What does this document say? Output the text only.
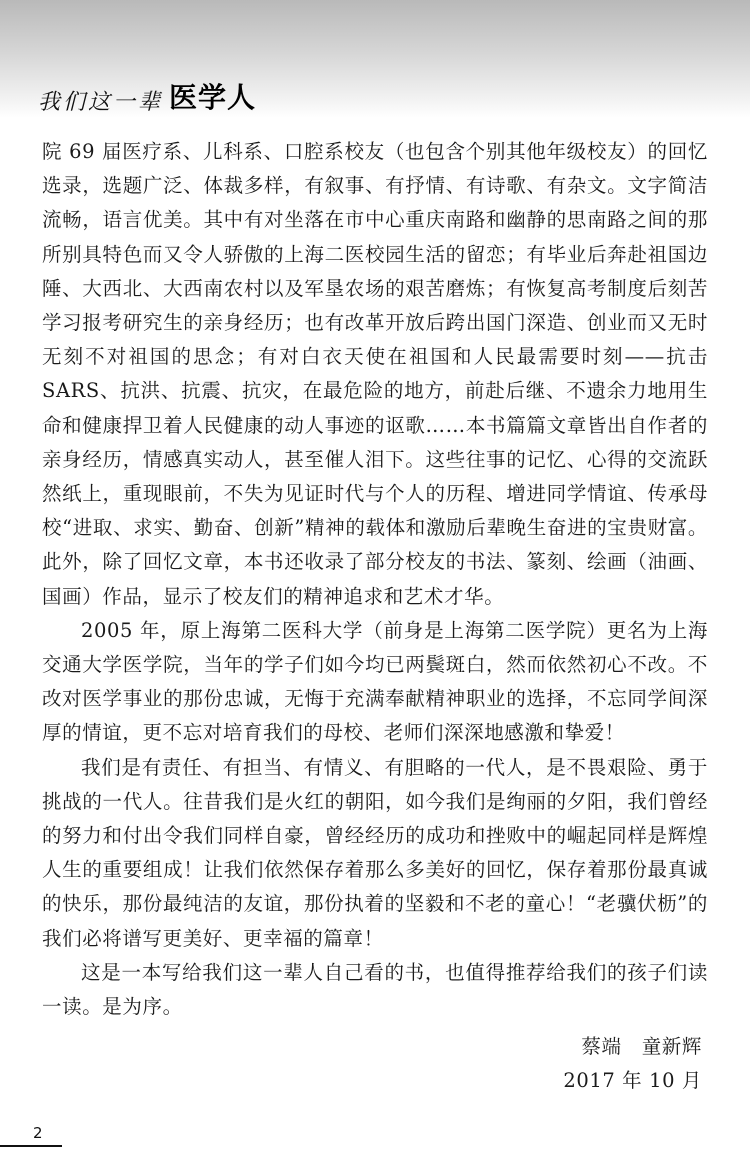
我们这一辈 医学人

院 69 届医疗系、儿科系、口腔系校友（也包含个别其他年级校友）的回忆选录，选题广泛、体裁多样，有叙事、有抒情、有诗歌、有杂文。文字简洁流畅，语言优美。其中有对坐落在市中心重庆南路和幽静的思南路之间的那所别具特色而又令人骄傲的上海二医校园生活的留恋；有毕业后奔赴祖国边陲、大西北、大西南农村以及军垦农场的艰苦磨炼；有恢复高考制度后刻苦学习报考研究生的亲身经历；也有改革开放后跨出国门深造、创业而又无时无刻不对祖国的思念；有对白衣天使在祖国和人民最需要时刻——抗击 SARS、抗洪、抗震、抗灾，在最危险的地方，前赴后继、不遗余力地用生命和健康捍卫着人民健康的动人事迹的讴歌……本书篇篇文章皆出自作者的亲身经历，情感真实动人，甚至催人泪下。这些往事的记忆、心得的交流跃然纸上，重现眼前，不失为见证时代与个人的历程、增进同学情谊、传承母校“进取、求实、勤奋、创新”精神的载体和激励后辈晚生奋进的宝贵财富。此外，除了回忆文章，本书还收录了部分校友的书法、篆刻、绘画（油画、国画）作品，显示了校友们的精神追求和艺术才华。

2005 年，原上海第二医科大学（前身是上海第二医学院）更名为上海交通大学医学院，当年的学子们如今均已两鬓斑白，然而依然初心不改。不改对医学事业的那份忠诚，无悔于充满奉献精神职业的选择，不忘同学间深厚的情谊，更不忘对培育我们的母校、老师们深深地感激和挚爱！

我们是有责任、有担当、有情义、有胆略的一代人，是不畏艰险、勇于挑战的一代人。往昔我们是火红的朝阳，如今我们是绚丽的夕阳，我们曾经的努力和付出令我们同样自豪，曾经经历的成功和挫败中的崛起同样是辉煌人生的重要组成！让我们依然保存着那么多美好的回忆，保存着那份最真诚的快乐，那份最纯洁的友谊，那份执着的坚毅和不老的童心！“老骥伏枥”的我们必将谱写更美好、更幸福的篇章！

这是一本写给我们这一辈人自己看的书，也值得推荐给我们的孩子们读一读。是为序。

蔡端　童新辉
2017 年 10 月
2
